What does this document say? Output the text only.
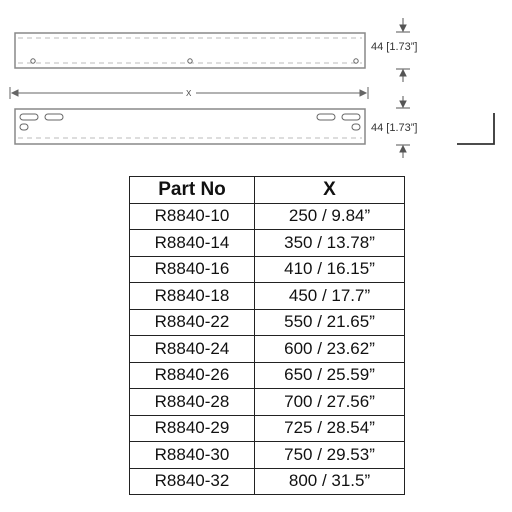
44 [1.73”]
X
44 [1.73”]
Part No	X
R8840-10	250 / 9.84”
R8840-14	350 / 13.78”
R8840-16	410 / 16.15”
R8840-18	450 / 17.7”
R8840-22	550 / 21.65”
R8840-24	600 / 23.62”
R8840-26	650 / 25.59”
R8840-28	700 / 27.56”
R8840-29	725 / 28.54”
R8840-30	750 / 29.53”
R8840-32	800 / 31.5”
